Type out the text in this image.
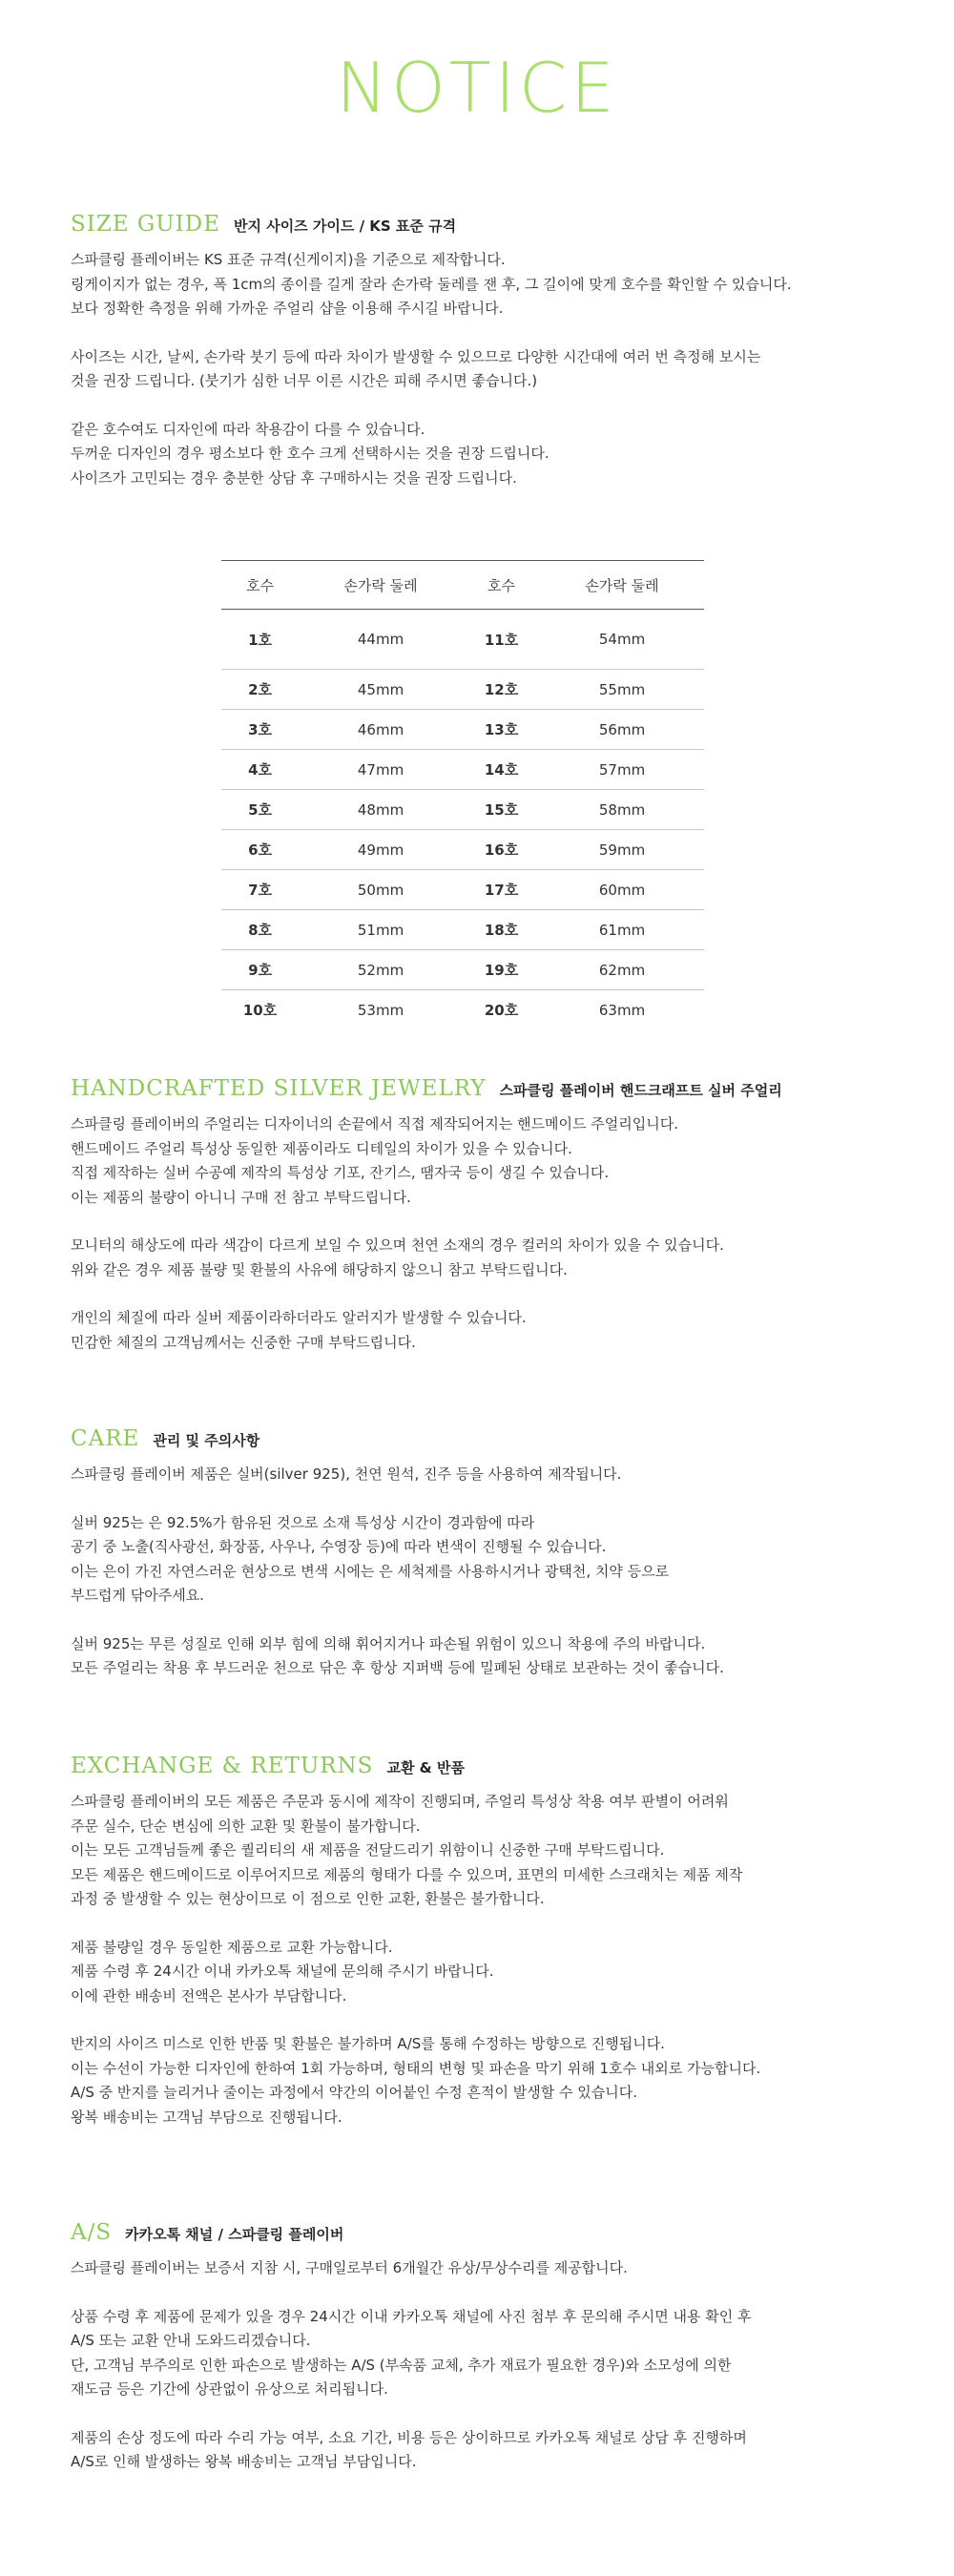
NOTICE
SIZE GUIDE 반지 사이즈 가이드 / KS 표준 규격
스파클링 플레이버는 KS 표준 규격(신게이지)을 기준으로 제작합니다.
링게이지가 없는 경우, 폭 1cm의 종이를 길게 잘라 손가락 둘레를 잰 후, 그 길이에 맞게 호수를 확인할 수 있습니다.
보다 정확한 측정을 위해 가까운 주얼리 샵을 이용해 주시길 바랍니다.
사이즈는 시간, 날씨, 손가락 붓기 등에 따라 차이가 발생할 수 있으므로 다양한 시간대에 여러 번 측정해 보시는
것을 권장 드립니다. (붓기가 심한 너무 이른 시간은 피해 주시면 좋습니다.)
같은 호수여도 디자인에 따라 착용감이 다를 수 있습니다.
두꺼운 디자인의 경우 평소보다 한 호수 크게 선택하시는 것을 권장 드립니다.
사이즈가 고민되는 경우 충분한 상담 후 구매하시는 것을 권장 드립니다.
호수	손가락 둘레	호수	손가락 둘레
1호	44mm	11호	54mm
2호	45mm	12호	55mm
3호	46mm	13호	56mm
4호	47mm	14호	57mm
5호	48mm	15호	58mm
6호	49mm	16호	59mm
7호	50mm	17호	60mm
8호	51mm	18호	61mm
9호	52mm	19호	62mm
10호	53mm	20호	63mm
HANDCRAFTED SILVER JEWELRY 스파클링 플레이버 핸드크래프트 실버 주얼리
스파클링 플레이버의 주얼리는 디자이너의 손끝에서 직접 제작되어지는 핸드메이드 주얼리입니다.
핸드메이드 주얼리 특성상 동일한 제품이라도 디테일의 차이가 있을 수 있습니다.
직접 제작하는 실버 수공예 제작의 특성상 기포, 잔기스, 땜자국 등이 생길 수 있습니다.
이는 제품의 불량이 아니니 구매 전 참고 부탁드립니다.
모니터의 해상도에 따라 색감이 다르게 보일 수 있으며 천연 소재의 경우 컬러의 차이가 있을 수 있습니다.
위와 같은 경우 제품 불량 및 환불의 사유에 해당하지 않으니 참고 부탁드립니다.
개인의 체질에 따라 실버 제품이라하더라도 알러지가 발생할 수 있습니다.
민감한 체질의 고객님께서는 신중한 구매 부탁드립니다.
CARE 관리 및 주의사항
스파클링 플레이버 제품은 실버(silver 925), 천연 원석, 진주 등을 사용하여 제작됩니다.
실버 925는 은 92.5%가 함유된 것으로 소재 특성상 시간이 경과함에 따라
공기 중 노출(직사광선, 화장품, 사우나, 수영장 등)에 따라 변색이 진행될 수 있습니다.
이는 은이 가진 자연스러운 현상으로 변색 시에는 은 세척제를 사용하시거나 광택천, 치약 등으로
부드럽게 닦아주세요.
실버 925는 무른 성질로 인해 외부 힘에 의해 휘어지거나 파손될 위험이 있으니 착용에 주의 바랍니다.
모든 주얼리는 착용 후 부드러운 천으로 닦은 후 항상 지퍼백 등에 밀폐된 상태로 보관하는 것이 좋습니다.
EXCHANGE & RETURNS 교환 & 반품
스파클링 플레이버의 모든 제품은 주문과 동시에 제작이 진행되며, 주얼리 특성상 착용 여부 판별이 어려워
주문 실수, 단순 변심에 의한 교환 및 환불이 불가합니다.
이는 모든 고객님들께 좋은 퀄리티의 새 제품을 전달드리기 위함이니 신중한 구매 부탁드립니다.
모든 제품은 핸드메이드로 이루어지므로 제품의 형태가 다를 수 있으며, 표면의 미세한 스크래치는 제품 제작
과정 중 발생할 수 있는 현상이므로 이 점으로 인한 교환, 환불은 불가합니다.
제품 불량일 경우 동일한 제품으로 교환 가능합니다.
제품 수령 후 24시간 이내 카카오톡 채널에 문의해 주시기 바랍니다.
이에 관한 배송비 전액은 본사가 부담합니다.
반지의 사이즈 미스로 인한 반품 및 환불은 불가하며 A/S를 통해 수정하는 방향으로 진행됩니다.
이는 수선이 가능한 디자인에 한하여 1회 가능하며, 형태의 변형 및 파손을 막기 위해 1호수 내외로 가능합니다.
A/S 중 반지를 늘리거나 줄이는 과정에서 약간의 이어붙인 수정 흔적이 발생할 수 있습니다.
왕복 배송비는 고객님 부담으로 진행됩니다.
A/S 카카오톡 채널 / 스파클링 플레이버
스파클링 플레이버는 보증서 지참 시, 구매일로부터 6개월간 유상/무상수리를 제공합니다.
상품 수령 후 제품에 문제가 있을 경우 24시간 이내 카카오톡 채널에 사진 첨부 후 문의해 주시면 내용 확인 후
A/S 또는 교환 안내 도와드리겠습니다.
단, 고객님 부주의로 인한 파손으로 발생하는 A/S (부속품 교체, 추가 재료가 필요한 경우)와 소모성에 의한
재도금 등은 기간에 상관없이 유상으로 처리됩니다.
제품의 손상 정도에 따라 수리 가능 여부, 소요 기간, 비용 등은 상이하므로 카카오톡 채널로 상담 후 진행하며
A/S로 인해 발생하는 왕복 배송비는 고객님 부담입니다.
